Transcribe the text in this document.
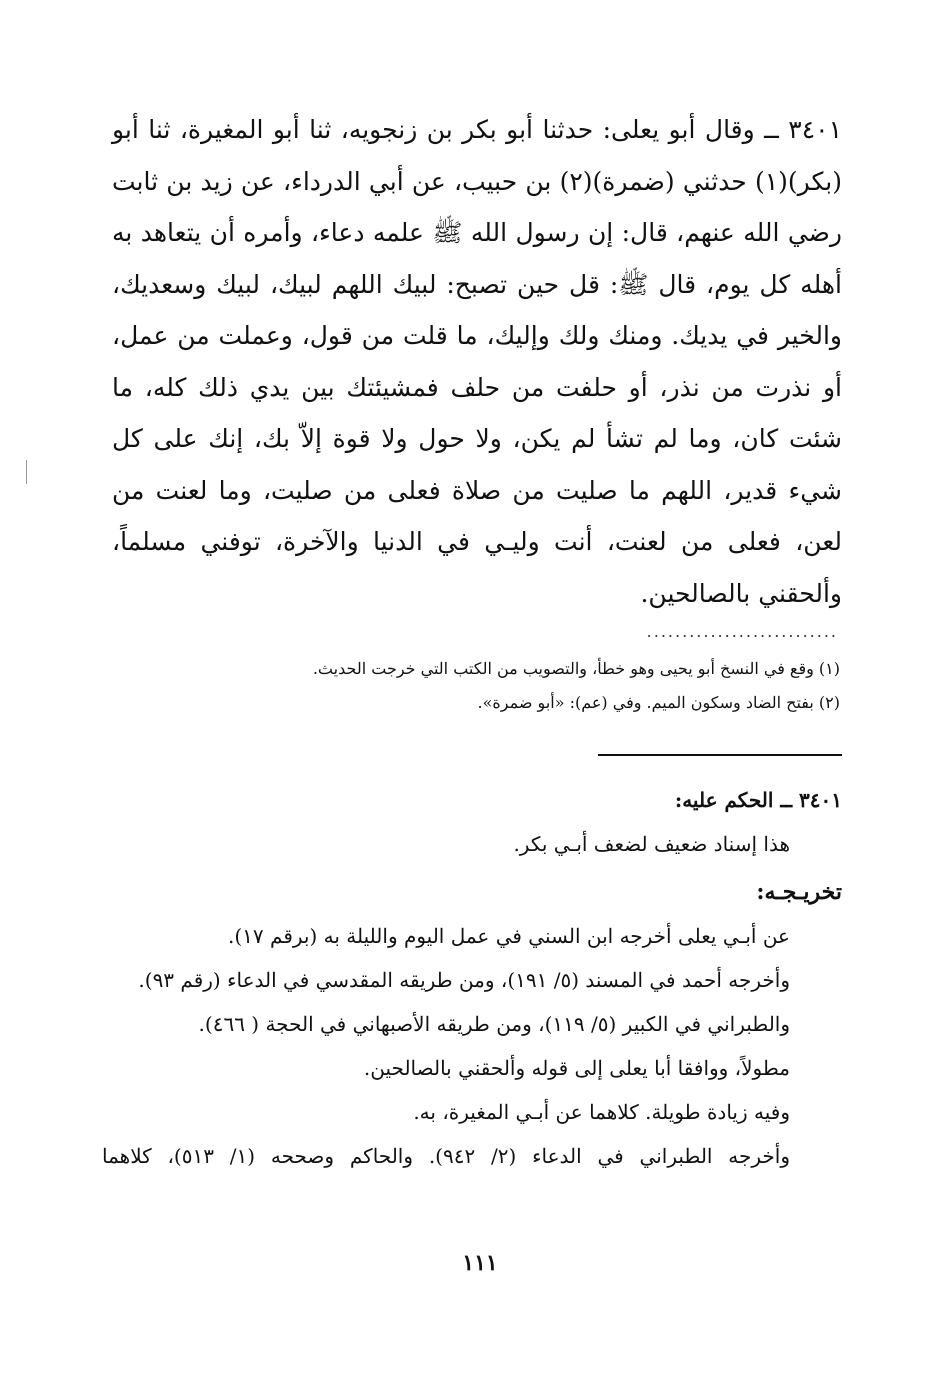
٣٤٠١ ــ وقال أبو يعلى: حدثنا أبو بكر بن زنجويه، ثنا أبو المغيرة، ثنا أبو (بكر)(١) حدثني (ضمرة)(٢) بن حبيب، عن أبي الدرداء، عن زيد بن ثابت رضي الله عنهم، قال: إن رسول الله ﷺ علمه دعاء، وأمره أن يتعاهد به أهله كل يوم، قال ﷺ: قل حين تصبح: لبيك اللهم لبيك، لبيك وسعديك، والخير في يديك. ومنك ولك وإليك، ما قلت من قول، وعملت من عمل، أو نذرت من نذر، أو حلفت من حلف فمشيئتك بين يدي ذلك كله، ما شئت كان، وما لم تشأ لم يكن، ولا حول ولا قوة إلاّ بك، إنك على كل شيء قدير، اللهم ما صليت من صلاة فعلى من صليت، وما لعنت من لعن، فعلى من لعنت، أنت وليـي في الدنيا والآخرة، توفني مسلماً، وألحقني بالصالحين.

...........................
(١) وقع في النسخ أبو يحيى وهو خطأ، والتصويب من الكتب التي خرجت الحديث.
(٢) بفتح الضاد وسكون الميم. وفي (عم): «أبو ضمرة».
٣٤٠١ ــ الحكم عليه:
هذا إسناد ضعيف لضعف أبـي بكر.
تخريـجـه:

عن أبـي يعلى أخرجه ابن السني في عمل اليوم والليلة به (برقم ١٧).

وأخرجه أحمد في المسند (٥/ ١٩١)، ومن طريقه المقدسي في الدعاء (رقم ٩٣).

والطبراني في الكبير (٥/ ١١٩)، ومن طريقه الأصبهاني في الحجة ( ٤٦٦).

مطولاً، ووافقا أبا يعلى إلى قوله وألحقني بالصالحين.

وفيه زيادة طويلة. كلاهما عن أبـي المغيرة، به.

وأخرجه الطبراني في الدعاء (٢/ ٩٤٢). والحاكم وصححه (١/ ٥١٣)، كلاهما

١١١
